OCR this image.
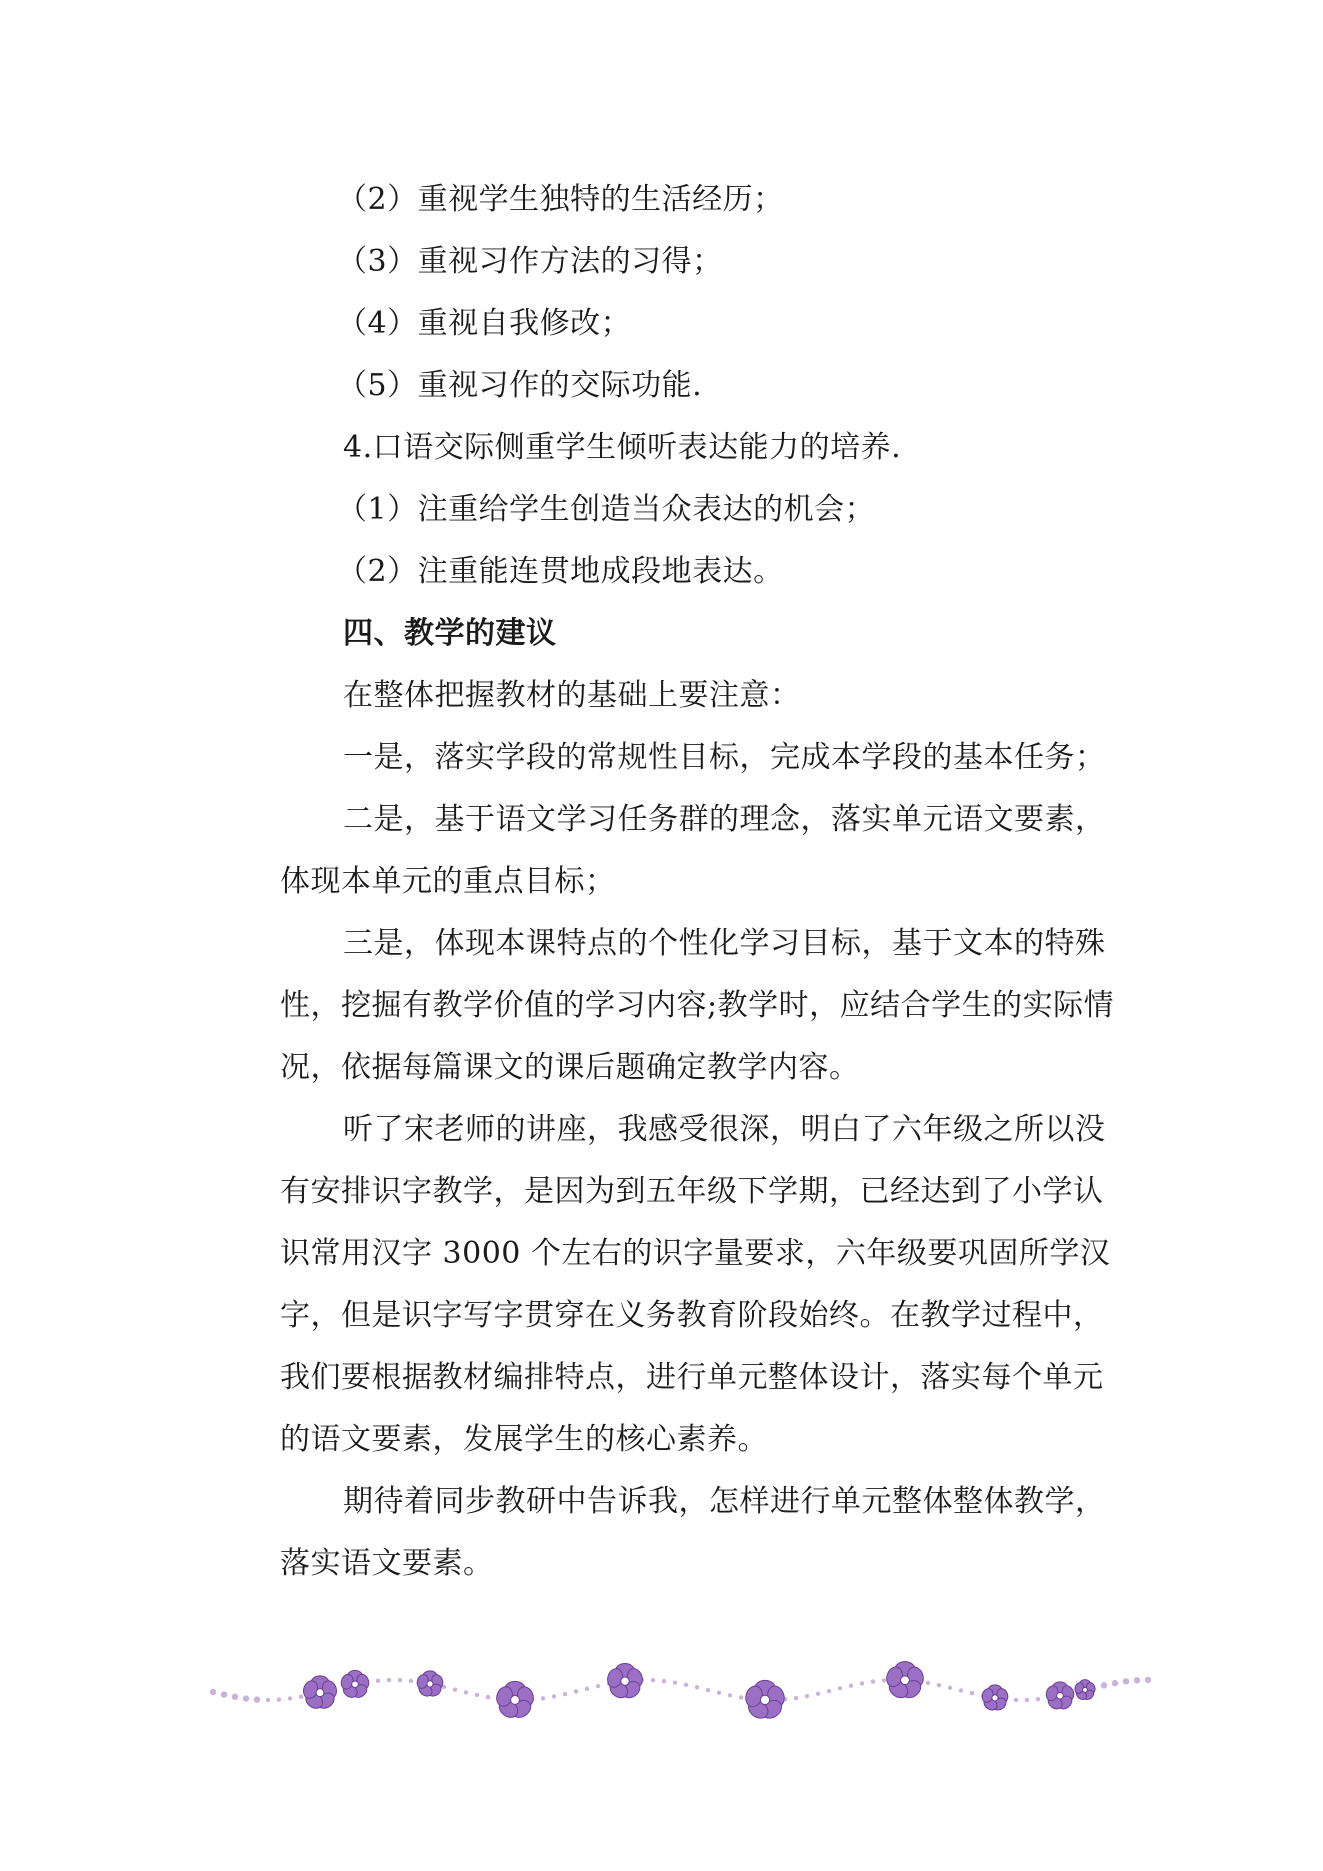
（2）重视学生独特的生活经历；
（3）重视习作方法的习得；
（4）重视自我修改；
（5）重视习作的交际功能.
4.口语交际侧重学生倾听表达能力的培养.
（1）注重给学生创造当众表达的机会；
（2）注重能连贯地成段地表达。
四、教学的建议
在整体把握教材的基础上要注意：
一是，落实学段的常规性目标，完成本学段的基本任务；
二是，基于语文学习任务群的理念，落实单元语文要素，
体现本单元的重点目标；
三是，体现本课特点的个性化学习目标，基于文本的特殊
性，挖掘有教学价值的学习内容;教学时，应结合学生的实际情
况，依据每篇课文的课后题确定教学内容。
听了宋老师的讲座，我感受很深，明白了六年级之所以没
有安排识字教学，是因为到五年级下学期，已经达到了小学认
识常用汉字 3000 个左右的识字量要求，六年级要巩固所学汉
字，但是识字写字贯穿在义务教育阶段始终。在教学过程中，
我们要根据教材编排特点，进行单元整体设计，落实每个单元
的语文要素，发展学生的核心素养。
期待着同步教研中告诉我，怎样进行单元整体整体教学，
落实语文要素。
